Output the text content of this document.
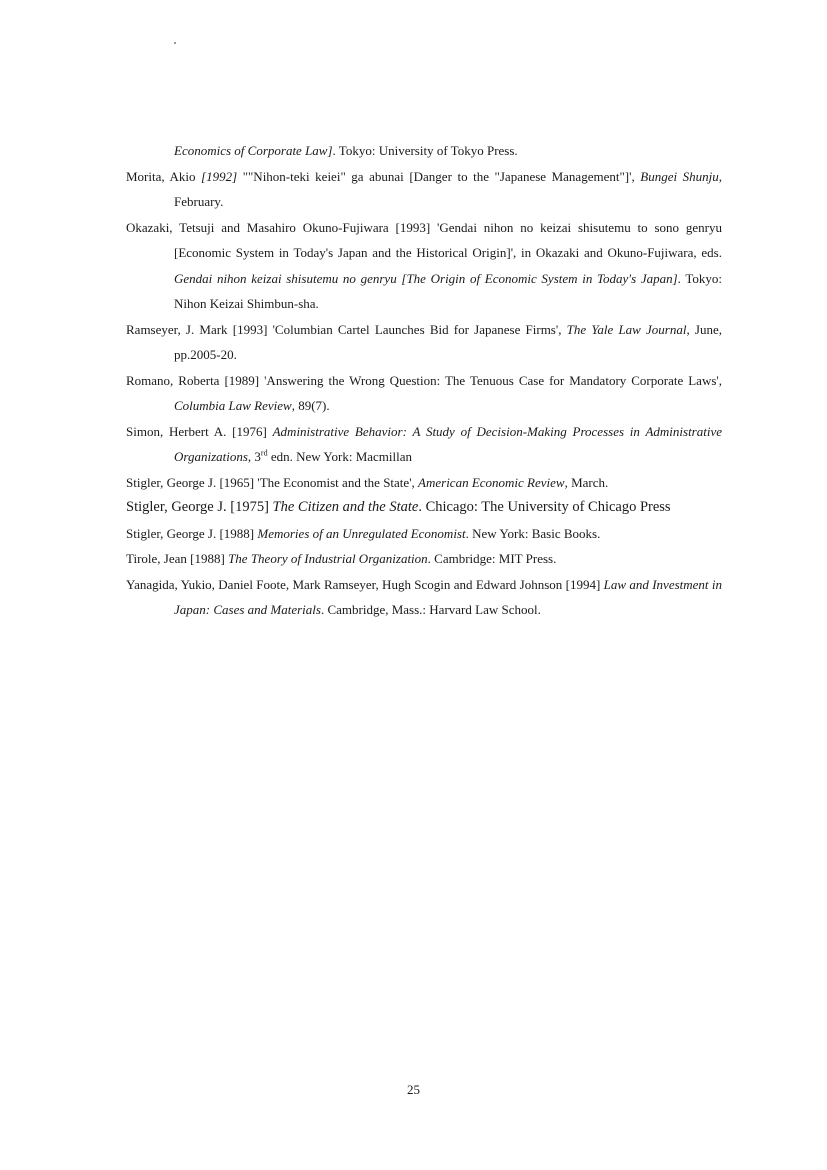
Economics of Corporate Law]. Tokyo: University of Tokyo Press.
Morita, Akio [1992] ""Nihon-teki keiei" ga abunai [Danger to the "Japanese Management"]', Bungei Shunju, February.
Okazaki, Tetsuji and Masahiro Okuno-Fujiwara [1993] 'Gendai nihon no keizai shisutemu to sono genryu [Economic System in Today's Japan and the Historical Origin]', in Okazaki and Okuno-Fujiwara, eds. Gendai nihon keizai shisutemu no genryu [The Origin of Economic System in Today's Japan]. Tokyo: Nihon Keizai Shimbun-sha.
Ramseyer, J. Mark [1993] 'Columbian Cartel Launches Bid for Japanese Firms', The Yale Law Journal, June, pp.2005-20.
Romano, Roberta [1989] 'Answering the Wrong Question: The Tenuous Case for Mandatory Corporate Laws', Columbia Law Review, 89(7).
Simon, Herbert A. [1976] Administrative Behavior: A Study of Decision-Making Processes in Administrative Organizations, 3rd edn. New York: Macmillan
Stigler, George J. [1965] 'The Economist and the State', American Economic Review, March.
Stigler, George J. [1975] The Citizen and the State. Chicago: The University of Chicago Press
Stigler, George J. [1988] Memories of an Unregulated Economist. New York: Basic Books.
Tirole, Jean [1988] The Theory of Industrial Organization. Cambridge: MIT Press.
Yanagida, Yukio, Daniel Foote, Mark Ramseyer, Hugh Scogin and Edward Johnson [1994] Law and Investment in Japan: Cases and Materials. Cambridge, Mass.: Harvard Law School.
25
